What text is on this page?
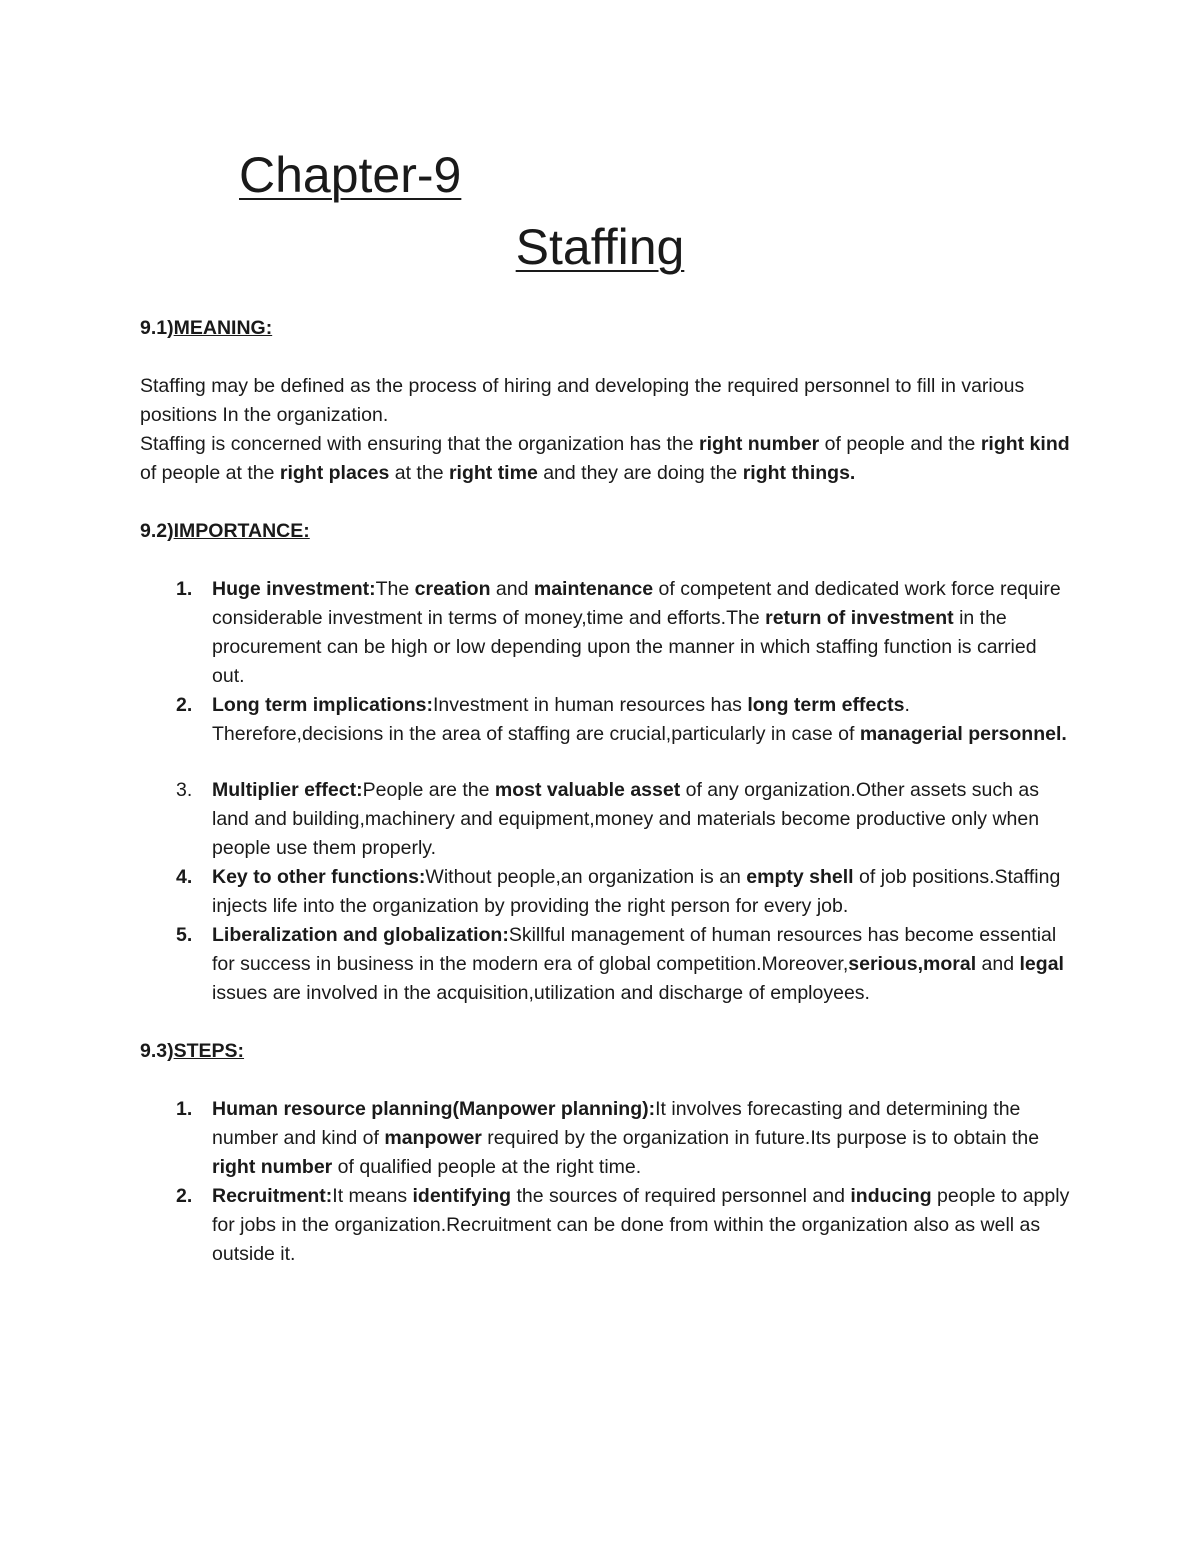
Chapter-9
Staffing
9.1)MEANING:

Staffing may be defined as the process of hiring and developing the required personnel to fill in various positions In the organization.

Staffing is concerned with ensuring that the organization has the right number of people and the right kind of people at the right places at the right time and they are doing the right things.

9.2)IMPORTANCE:
1. Huge investment:The creation and maintenance of competent and dedicated work force require considerable investment in terms of money,time and efforts.The return of investment in the procurement can be high or low depending upon the manner in which staffing function is carried out.
2. Long term implications:Investment in human resources has long term effects. Therefore,decisions in the area of staffing are crucial,particularly in case of managerial personnel.
3. Multiplier effect:People are the most valuable asset of any organization.Other assets such as land and building,machinery and equipment,money and materials become productive only when people use them properly.
4. Key to other functions:Without people,an organization is an empty shell of job positions.Staffing injects life into the organization by providing the right person for every job.
5. Liberalization and globalization:Skillful management of human resources has become essential for success in business in the modern era of global competition.Moreover,serious,moral and legal issues are involved in the acquisition,utilization and discharge of employees.
9.3)STEPS:
1. Human resource planning(Manpower planning):It involves forecasting and determining the number and kind of manpower required by the organization in future.Its purpose is to obtain the right number of qualified people at the right time.
2. Recruitment:It means identifying the sources of required personnel and inducing people to apply for jobs in the organization.Recruitment can be done from within the organization also as well as outside it.
